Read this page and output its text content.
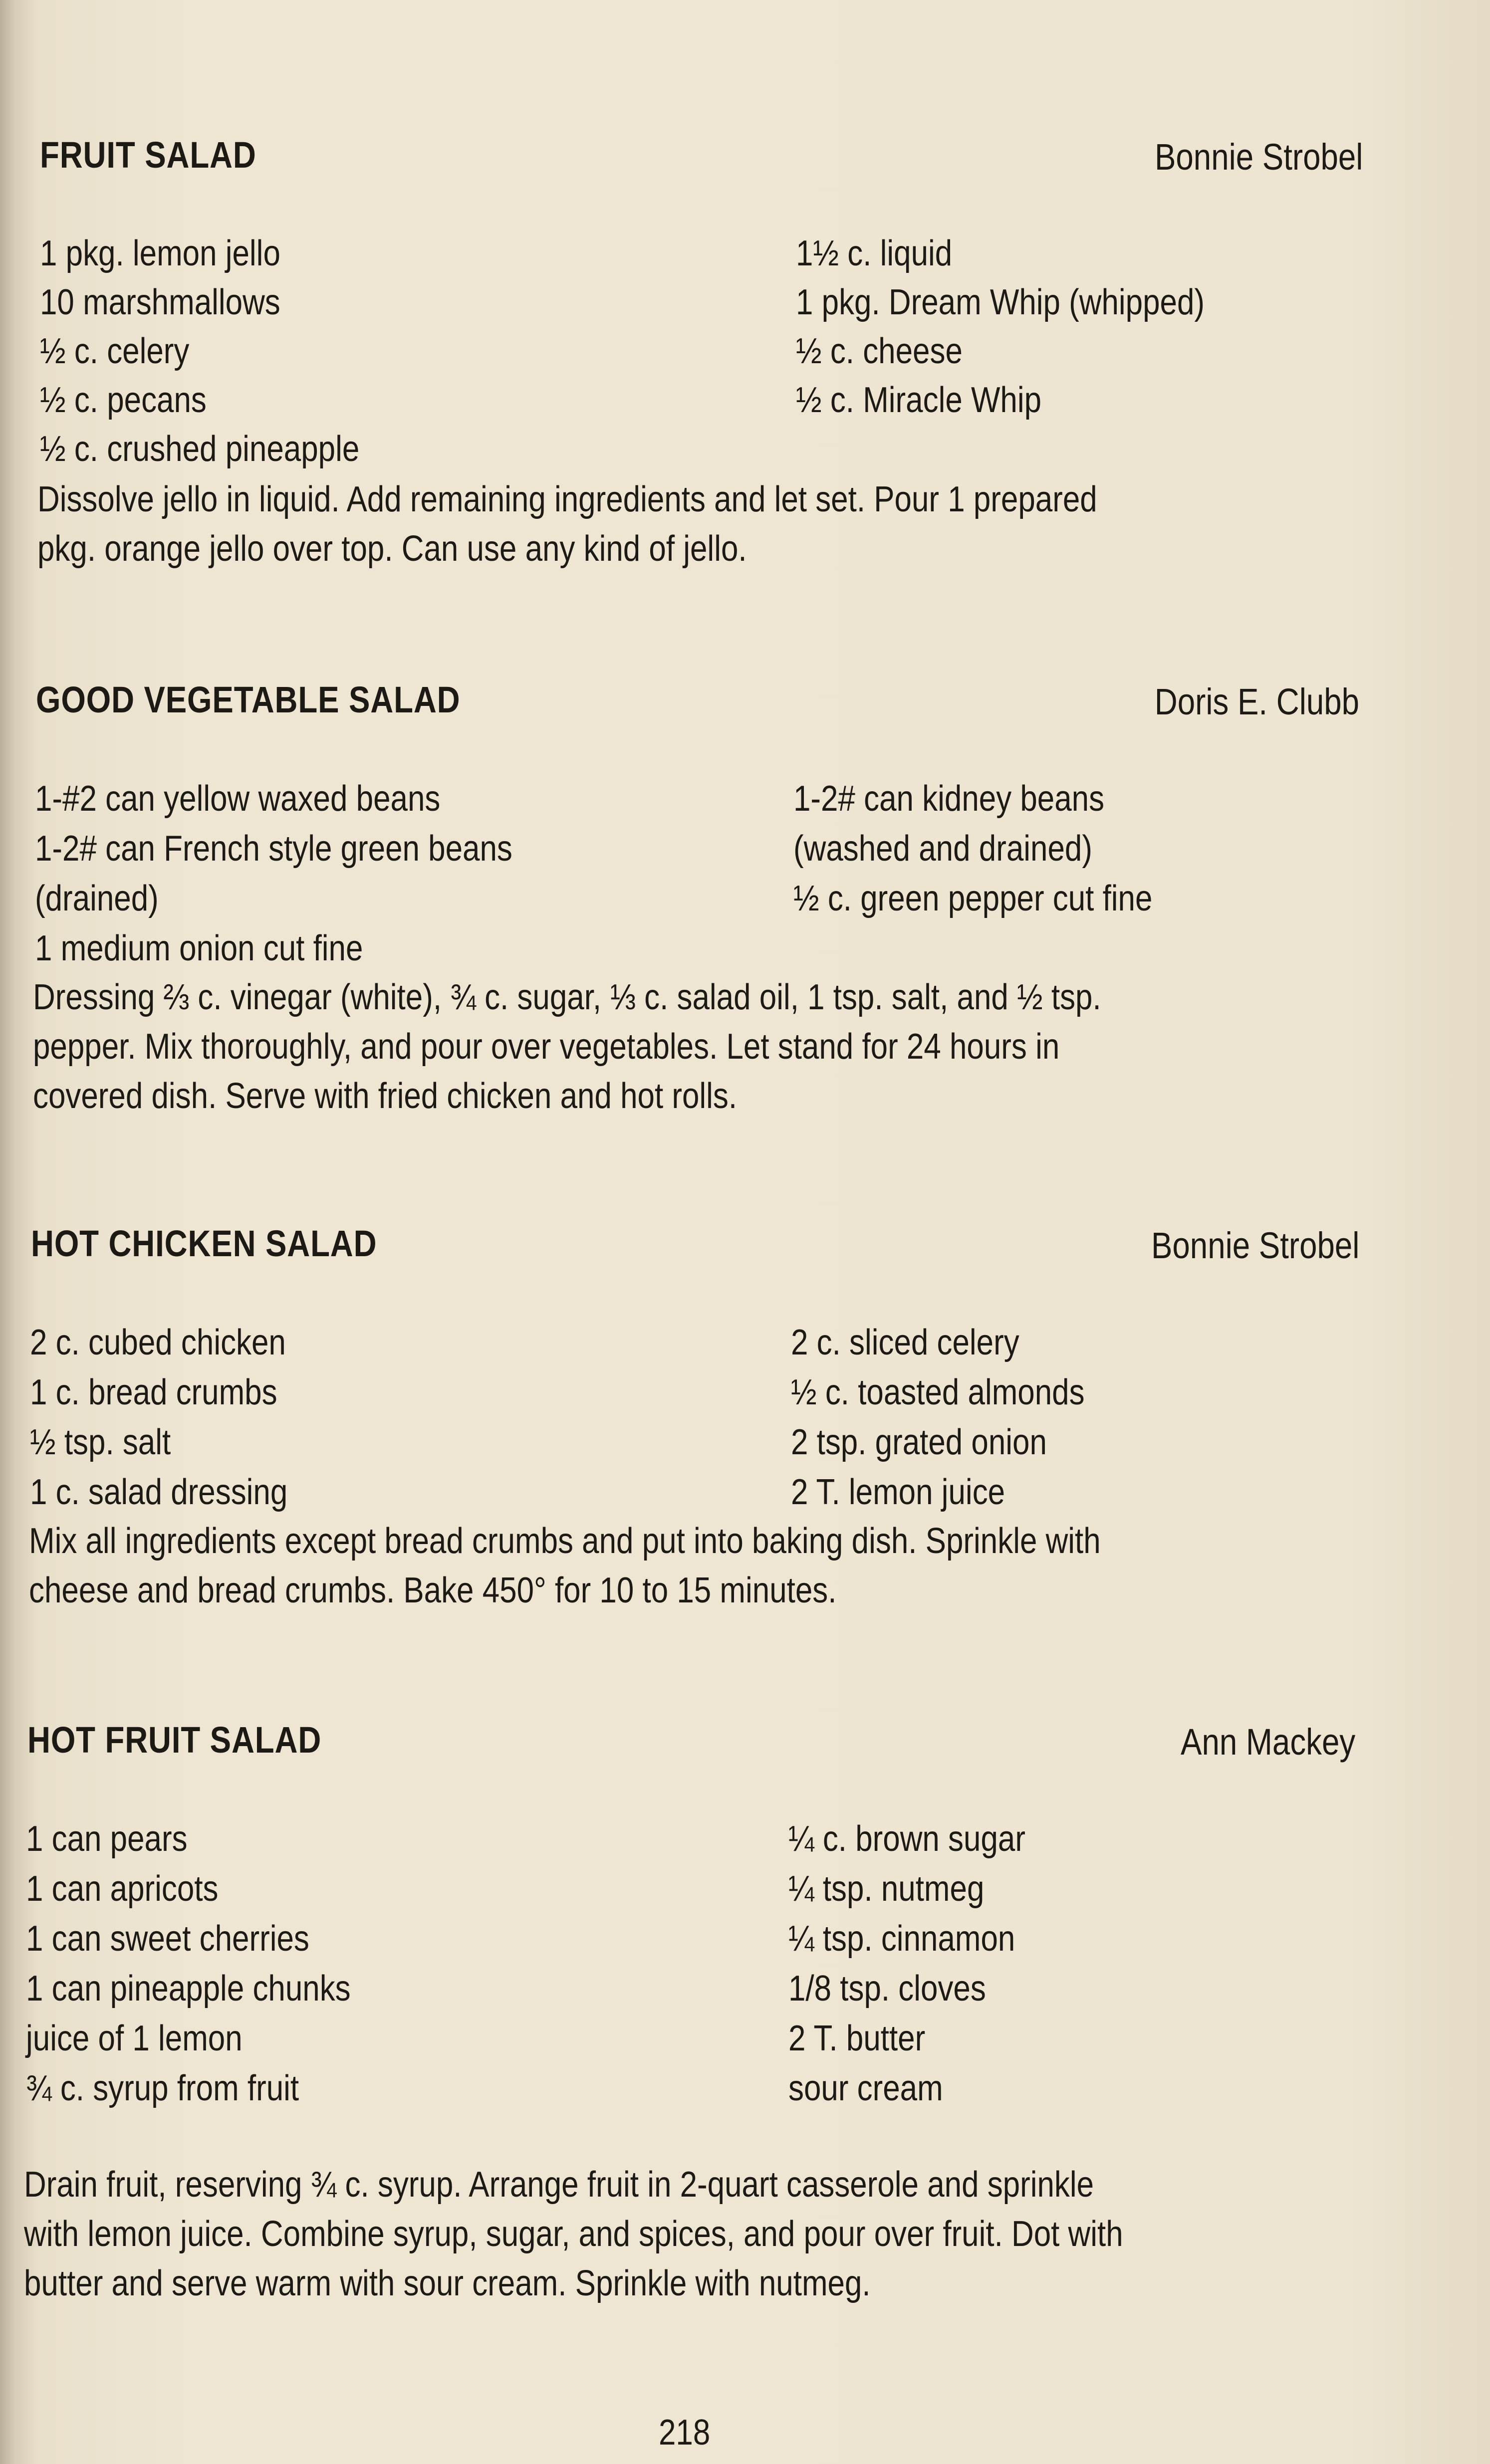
FRUIT SALAD	Bonnie Strobel
1 pkg. lemon jello
10 marshmallows
½ c. celery
½ c. pecans
½ c. crushed pineapple
1½ c. liquid
1 pkg. Dream Whip (whipped)
½ c. cheese
½ c. Miracle Whip
Dissolve jello in liquid. Add remaining ingredients and let set. Pour 1 prepared
pkg. orange jello over top. Can use any kind of jello.
GOOD VEGETABLE SALAD	Doris E. Clubb
1-#2 can yellow waxed beans
1-2# can French style green beans
(drained)
1 medium onion cut fine
1-2# can kidney beans
(washed and drained)
½ c. green pepper cut fine
Dressing ⅔ c. vinegar (white), ¾ c. sugar, ⅓ c. salad oil, 1 tsp. salt, and ½ tsp.
pepper. Mix thoroughly, and pour over vegetables. Let stand for 24 hours in
covered dish. Serve with fried chicken and hot rolls.
HOT CHICKEN SALAD	Bonnie Strobel
2 c. cubed chicken
1 c. bread crumbs
½ tsp. salt
1 c. salad dressing
2 c. sliced celery
½ c. toasted almonds
2 tsp. grated onion
2 T. lemon juice
Mix all ingredients except bread crumbs and put into baking dish. Sprinkle with
cheese and bread crumbs. Bake 450° for 10 to 15 minutes.
HOT FRUIT SALAD	Ann Mackey
1 can pears
1 can apricots
1 can sweet cherries
1 can pineapple chunks
juice of 1 lemon
¾ c. syrup from fruit
¼ c. brown sugar
¼ tsp. nutmeg
¼ tsp. cinnamon
1/8 tsp. cloves
2 T. butter
sour cream
Drain fruit, reserving ¾ c. syrup. Arrange fruit in 2-quart casserole and sprinkle
with lemon juice. Combine syrup, sugar, and spices, and pour over fruit. Dot with
butter and serve warm with sour cream. Sprinkle with nutmeg.
218
